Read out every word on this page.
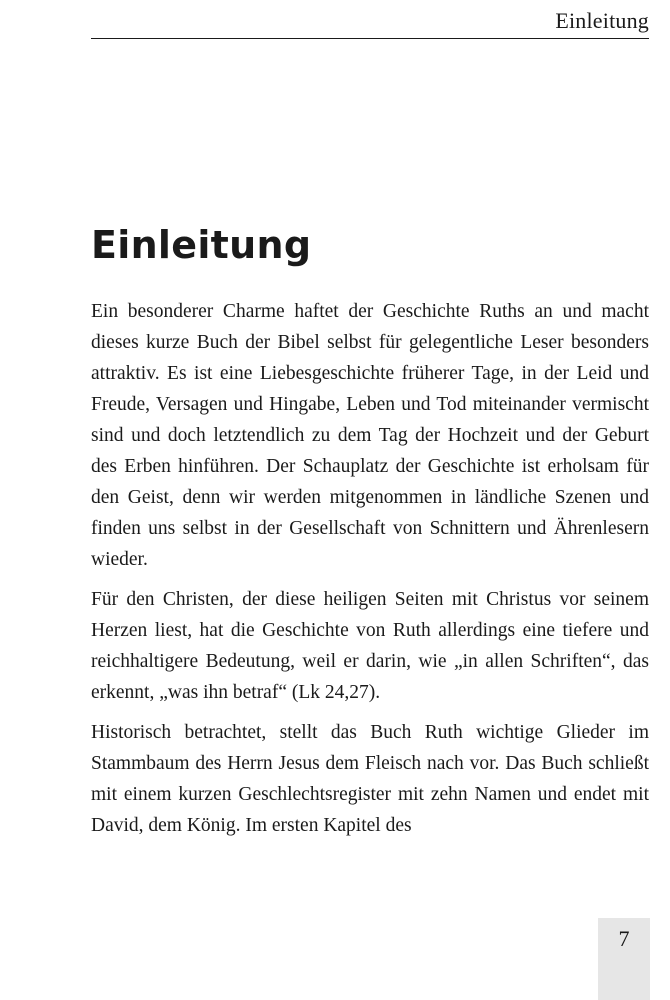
Einleitung
Einleitung

Ein besonderer Charme haftet der Geschichte Ruths an und macht dieses kurze Buch der Bibel selbst für gelegentliche Leser besonders attraktiv. Es ist eine Liebesgeschichte früherer Tage, in der Leid und Freude, Versagen und Hingabe, Leben und Tod miteinander vermischt sind und doch letztendlich zu dem Tag der Hochzeit und der Geburt des Erben hinführen. Der Schauplatz der Geschichte ist erholsam für den Geist, denn wir werden mitgenommen in ländliche Szenen und finden uns selbst in der Gesellschaft von Schnittern und Ährenlesern wieder.

Für den Christen, der diese heiligen Seiten mit Christus vor seinem Herzen liest, hat die Geschichte von Ruth allerdings eine tiefere und reichhaltigere Bedeutung, weil er darin, wie „in allen Schriften“, das erkennt, „was ihn betraf“ (Lk 24,27).

Historisch betrachtet, stellt das Buch Ruth wichtige Glieder im Stammbaum des Herrn Jesus dem Fleisch nach vor. Das Buch schließt mit einem kurzen Geschlechtsregister mit zehn Namen und endet mit David, dem König. Im ersten Kapitel des

7
